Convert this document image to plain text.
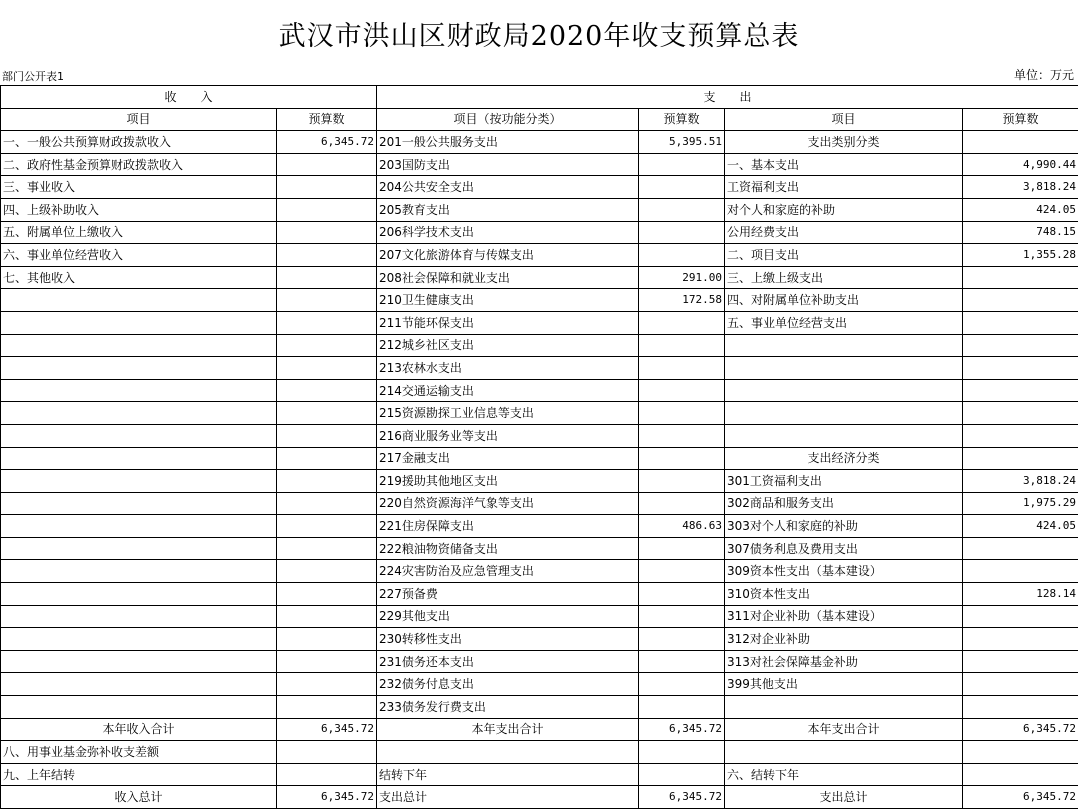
武汉市洪山区财政局2020年收支预算总表
部门公开表1	单位：万元
收　　入		支　　出			
项目	预算数	项目（按功能分类）	预算数	项目	预算数
一、一般公共预算财政拨款收入	6,345.72	201一般公共服务支出	5,395.51	支出类别分类	
二、政府性基金预算财政拨款收入		203国防支出		一、基本支出	4,990.44
三、事业收入		204公共安全支出		工资福利支出	3,818.24
四、上级补助收入		205教育支出		对个人和家庭的补助	424.05
五、附属单位上缴收入		206科学技术支出		公用经费支出	748.15
六、事业单位经营收入		207文化旅游体育与传媒支出		二、项目支出	1,355.28
七、其他收入		208社会保障和就业支出	291.00	三、上缴上级支出	
		210卫生健康支出	172.58	四、对附属单位补助支出	
		211节能环保支出		五、事业单位经营支出	
		212城乡社区支出			
		213农林水支出			
		214交通运输支出			
		215资源勘探工业信息等支出			
		216商业服务业等支出			
		217金融支出		支出经济分类	
		219援助其他地区支出		301工资福利支出	3,818.24
		220自然资源海洋气象等支出		302商品和服务支出	1,975.29
		221住房保障支出	486.63	303对个人和家庭的补助	424.05
		222粮油物资储备支出		307债务利息及费用支出	
		224灾害防治及应急管理支出		309资本性支出（基本建设）	
		227预备费		310资本性支出	128.14
		229其他支出		311对企业补助（基本建设）	
		230转移性支出		312对企业补助	
		231债务还本支出		313对社会保障基金补助	
		232债务付息支出		399其他支出	
		233债务发行费支出			
本年收入合计	6,345.72	本年支出合计	6,345.72	本年支出合计	6,345.72
八、用事业基金弥补收支差额					
九、上年结转		结转下年		六、结转下年	
收入总计	6,345.72	支出总计	6,345.72	支出总计	6,345.72
